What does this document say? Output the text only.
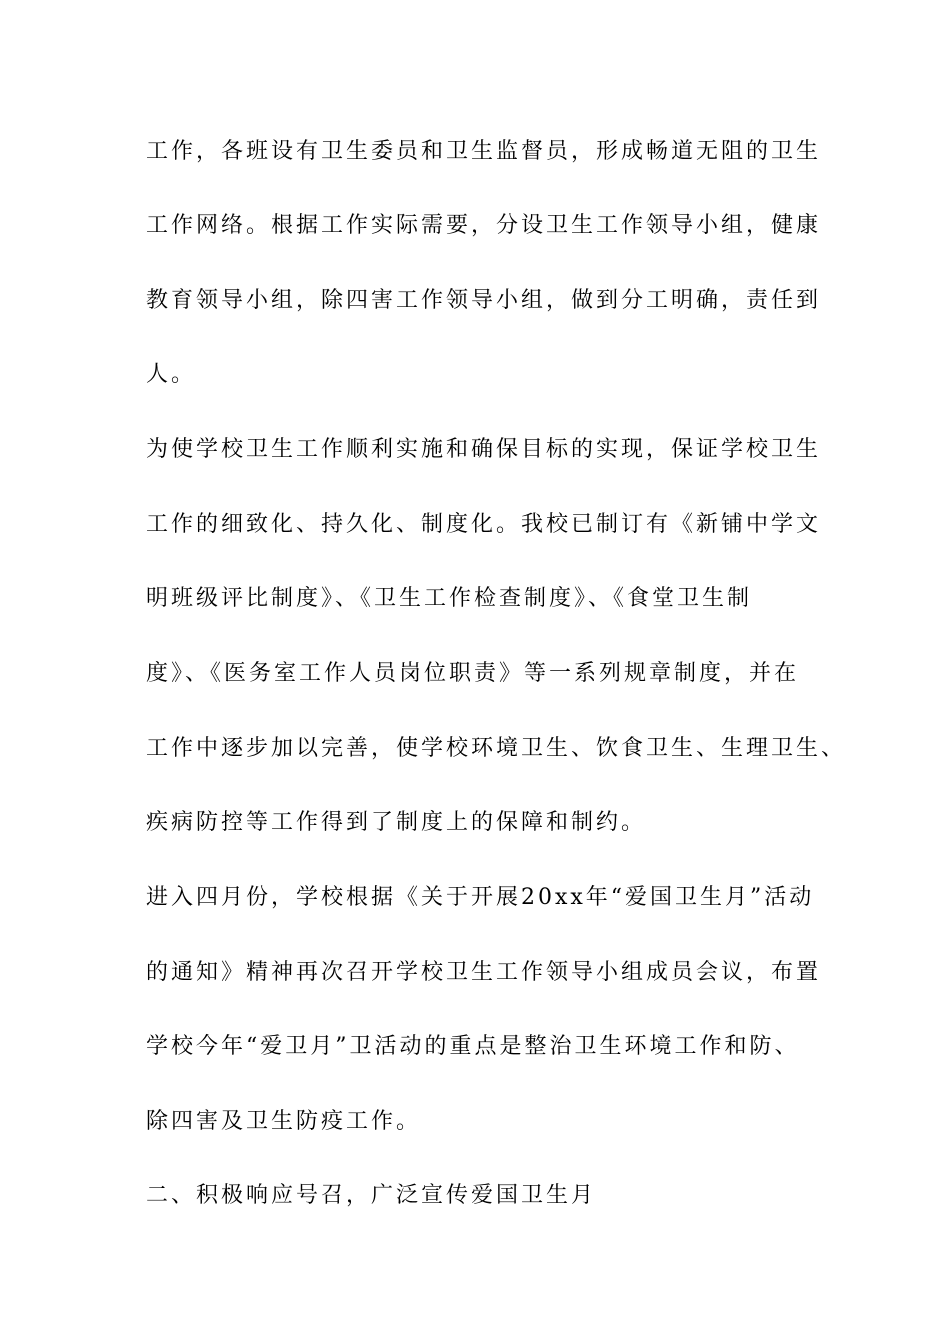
工作，各班设有卫生委员和卫生监督员，形成畅道无阻的卫生

工作网络。根据工作实际需要，分设卫生工作领导小组，健康

教育领导小组，除四害工作领导小组，做到分工明确，责任到

人。

为使学校卫生工作顺利实施和确保目标的实现，保证学校卫生

工作的细致化、持久化、制度化。我校已制订有《新铺中学文

明班级评比制度》、《卫生工作检查制度》、《食堂卫生制

度》、《医务室工作人员岗位职责》等一系列规章制度，并在

工作中逐步加以完善，使学校环境卫生、饮食卫生、生理卫生、

疾病防控等工作得到了制度上的保障和制约。

进入四月份，学校根据《关于开展20xx年“爱国卫生月”活动

的通知》精神再次召开学校卫生工作领导小组成员会议，布置

学校今年“爱卫月”卫活动的重点是整治卫生环境工作和防、

除四害及卫生防疫工作。

二、积极响应号召，广泛宣传爱国卫生月
